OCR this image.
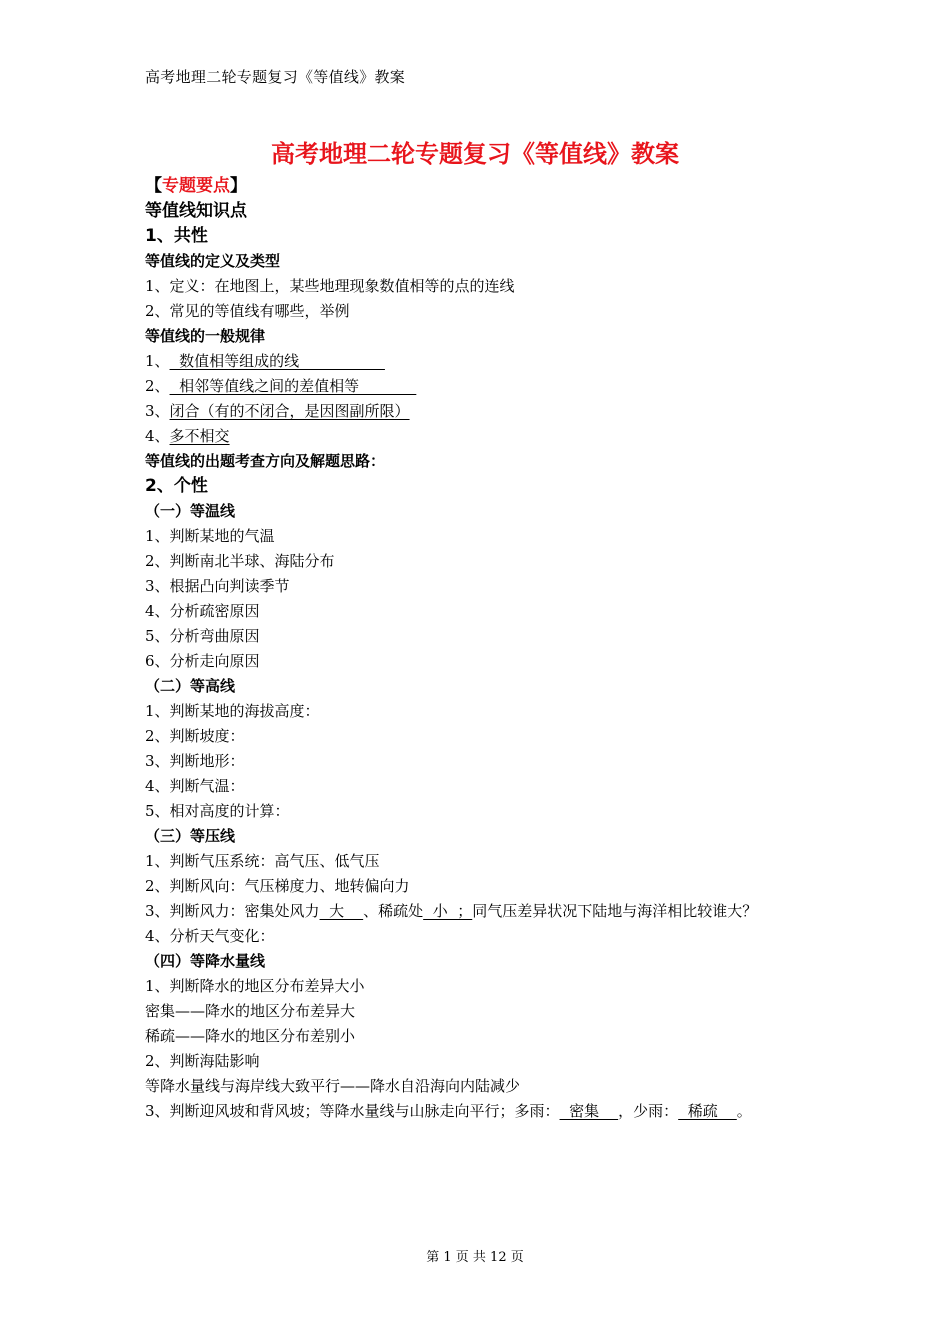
高考地理二轮专题复习《等值线》教案
高考地理二轮专题复习《等值线》教案
【专题要点】
等值线知识点
1、共性
等值线的定义及类型
1、定义：在地图上，某些地理现象数值相等的点的连线
2、常见的等值线有哪些，举例
等值线的一般规律
1、  数值相等组成的线
2、  相邻等值线之间的差值相等
3、闭合（有的不闭合，是因图副所限）
4、多不相交
等值线的出题考查方向及解题思路：
2、个性
（一）等温线
1、判断某地的气温
2、判断南北半球、海陆分布
3、根据凸向判读季节
4、分析疏密原因
5、分析弯曲原因
6、分析走向原因
（二）等高线
1、判断某地的海拔高度：
2、判断坡度：
3、判断地形：
4、判断气温：
5、相对高度的计算：
（三）等压线
1、判断气压系统：高气压、低气压
2、判断风向：气压梯度力、地转偏向力
3、判断风力：密集处风力  大    、稀疏处  小  ；同气压差异状况下陆地与海洋相比较谁大？
4、分析天气变化：
（四）等降水量线
1、判断降水的地区分布差异大小
密集——降水的地区分布差异大
稀疏——降水的地区分布差别小
2、判断海陆影响
等降水量线与海岸线大致平行——降水自沿海向内陆减少
3、判断迎风坡和背风坡；等降水量线与山脉走向平行；多雨：  密集    ，少雨：  稀疏    。
第 1 页 共 12 页
